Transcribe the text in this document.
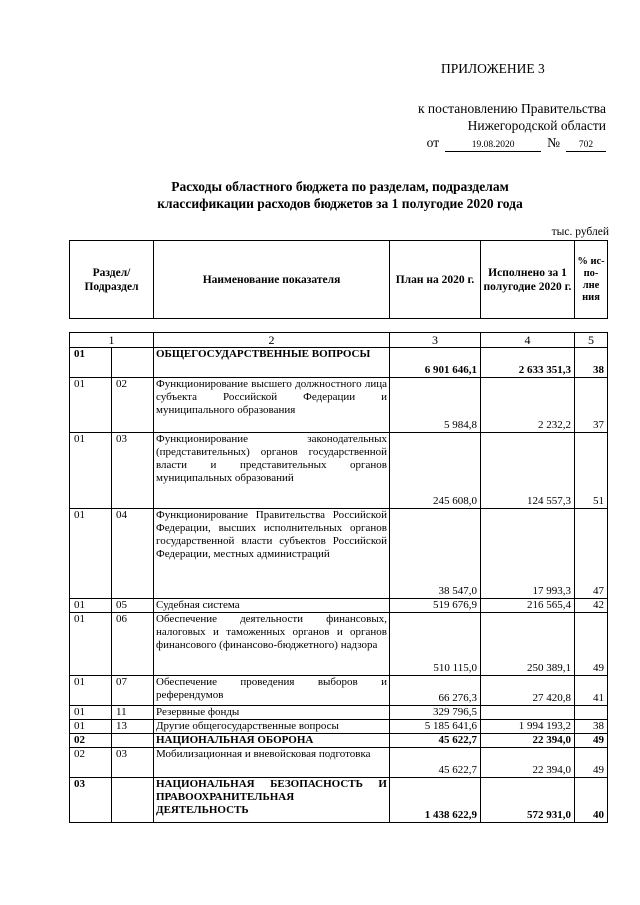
ПРИЛОЖЕНИЕ 3
к постановлению Правительства
Нижегородской области
от	19.08.2020	№	702
Расходы областного бюджета по разделам, подразделам
классификации расходов бюджетов за 1 полугодие 2020 года
тыс. рублей
Раздел/ Подраздел	Наименование показателя	План на 2020 г.	Исполнено за 1 полугодие 2020 г.	% ис-по-лне ния
1		2	3	4	5
01		ОБЩЕГОСУДАРСТВЕННЫЕ ВОПРОСЫ	6 901 646,1	2 633 351,3	38
01	02	Функционирование высшего должностного лица субъекта Российской Федерации и муниципального образования	5 984,8	2 232,2	37
01	03	Функционирование законодательных (представительных) органов государственной власти и представительных органов муниципальных образований	245 608,0	124 557,3	51
01	04	Функционирование Правительства Российской Федерации, высших исполнительных органов государственной власти субъектов Российской Федерации, местных администраций	38 547,0	17 993,3	47
01	05	Судебная система	519 676,9	216 565,4	42
01	06	Обеспечение деятельности финансовых, налоговых и таможенных органов и органов финансового (финансово-бюджетного) надзора	510 115,0	250 389,1	49
01	07	Обеспечение проведения выборов и референдумов	66 276,3	27 420,8	41
01	11	Резервные фонды	329 796,5		
01	13	Другие общегосударственные вопросы	5 185 641,6	1 994 193,2	38
02		НАЦИОНАЛЬНАЯ ОБОРОНА	45 622,7	22 394,0	49
02	03	Мобилизационная и вневойсковая подготовка	45 622,7	22 394,0	49
03		НАЦИОНАЛЬНАЯ БЕЗОПАСНОСТЬ И ПРАВООХРАНИТЕЛЬНАЯ ДЕЯТЕЛЬНОСТЬ	1 438 622,9	572 931,0	40
